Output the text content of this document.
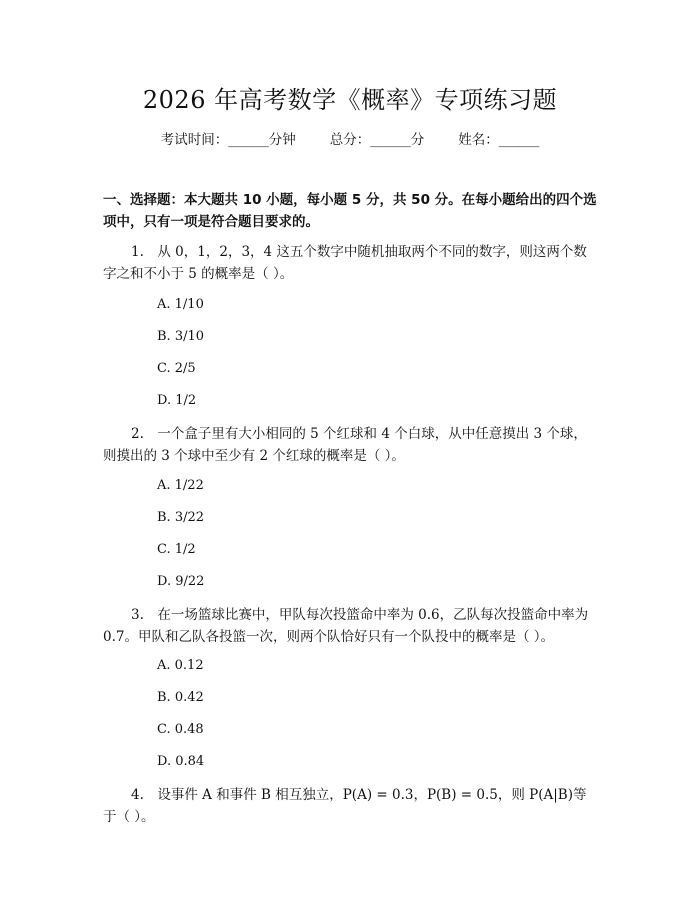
2026 年高考数学《概率》专项练习题
考试时间：______分钟	总分：______分	姓名：______
一、选择题：本大题共 10 小题，每小题 5 分，共 50 分。在每小题给出的四个选项中，只有一项是符合题目要求的。
1.　从 0，1，2，3，4 这五个数字中随机抽取两个不同的数字，则这两个数字之和不小于 5 的概率是（ ）。
A. 1/10
B. 3/10
C. 2/5
D. 1/2
2.　一个盒子里有大小相同的 5 个红球和 4 个白球，从中任意摸出 3 个球，则摸出的 3 个球中至少有 2 个红球的概率是（ ）。
A. 1/22
B. 3/22
C. 1/2
D. 9/22
3.　在一场篮球比赛中，甲队每次投篮命中率为 0.6，乙队每次投篮命中率为 0.7。甲队和乙队各投篮一次，则两个队恰好只有一个队投中的概率是（ ）。
A. 0.12
B. 0.42
C. 0.48
D. 0.84
4.　设事件 A 和事件 B 相互独立，P(A) = 0.3，P(B) = 0.5，则 P(A|B)等于（ ）。
